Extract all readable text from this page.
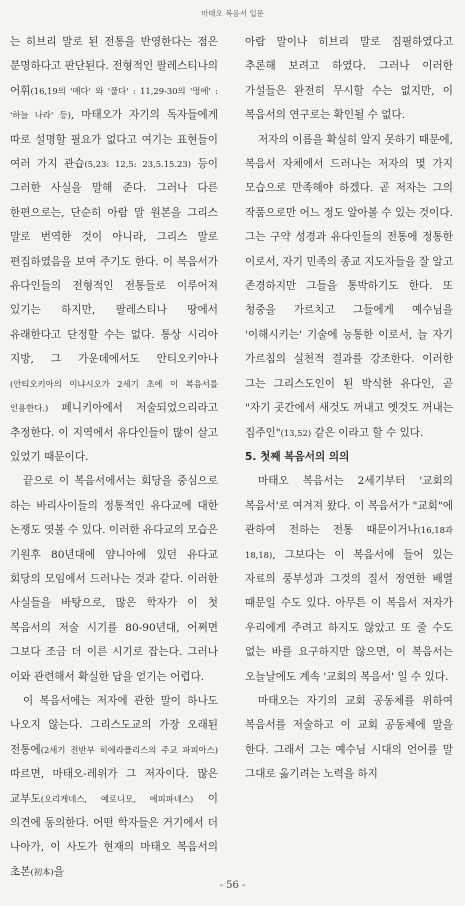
마태오 복음서 입문

는 히브리 말로 된 전통을 반영한다는 점은 분명하다고 판단된다. 전형적인 팔레스티나의 어휘(16,19의 '매다' 와 '풀다' : 11,29-30의 '멍에' : '하늘 나라' 등), 마태오가 자기의 독자들에게 따로 설명할 필요가 없다고 여기는 표현들이 여러 가지 관습(5,23: 12,5: 23,5.15.23) 등이 그러한 사실을 말해 준다. 그러나 다른 한편으로는, 단순히 아람 말 원본을 그리스 말로 번역한 것이 아니라, 그리스 말로 편집하였음을 보여 주기도 한다. 이 복음서가 유다인들의 전형적인 전통들로 이루어져 있기는 하지만, 팔레스티나 땅에서 유래한다고 단정할 수는 없다. 통상 시리아 지방, 그 가운데에서도 안티오키아나(안티오키아의 이냐시오가 2세기 초에 이 복음서를 인용한다.) 페니키아에서 저술되었으리라고 추정한다. 이 지역에서 유다인들이 많이 살고 있었기 때문이다.

끝으로 이 복음서에서는 회당을 중심으로 하는 바리사이들의 정통적인 유다교에 대한 논쟁도 엿볼 수 있다. 이러한 유다교의 모습은 기원후 80년대에 얌니아에 있던 유다교 회당의 모임에서 드러나는 것과 같다. 이러한 사실들을 바탕으로, 많은 학자가 이 첫 복음서의 저술 시기를 80-90년대, 어쩌면 그보다 조금 더 이른 시기로 잡는다. 그러나 이와 관련해서 확실한 답을 얻기는 어렵다.

이 복음서에는 저자에 관한 말이 하나도 나오지 않는다. 그리스도교의 가장 오래된 전통에(2세기 전반부 히에라폴리스의 주교 파피아스) 따르면, 마태오-레위가 그 저자이다. 많은 교부도(오리게네스, 예로니모, 에피파네스) 이 의견에 동의한다. 어떤 학자들은 거기에서 더 나아가, 이 사도가 현재의 마태오 복음서의 초본(初本)을

아람 말이나 히브리 말로 집필하였다고 추론해 보려고 하였다. 그러나 이러한 가설들은 완전히 무시할 수는 없지만, 이 복음서의 연구로는 확인될 수 없다.

저자의 이름을 확실히 알지 못하기 때문에, 복음서 자체에서 드러나는 저자의 몇 가지 모습으로 만족해야 하겠다. 곧 저자는 그의 작품으로만 어느 정도 알아볼 수 있는 것이다. 그는 구약 성경과 유다인들의 전통에 정통한 이로서, 자기 민족의 종교 지도자들을 잘 알고 존경하지만 그들을 통박하기도 한다. 또 청중을 가르치고 그들에게 예수님을 '이해시키는' 기술에 능통한 이로서, 늘 자기 가르침의 실천적 결과를 강조한다. 이러한 그는 그리스도인이 된 박식한 유다인, 곧 "자기 곳간에서 새것도 꺼내고 옛것도 꺼내는 집주인"(13,52) 같은 이라고 할 수 있다.

5. 첫째 복음서의 의의

마태오 복음서는 2세기부터 '교회의 복음서'로 여겨져 왔다. 이 복음서가 "교회"에 관하여 전하는 전통 때문이거나(16,18과 18,18), 그보다는 이 복음서에 들어 있는 자료의 풍부성과 그것의 질서 정연한 배열 때문일 수도 있다. 아무튼 이 복음서 저자가 우리에게 주려고 하지도 않았고 또 줄 수도 없는 바를 요구하지만 않으면, 이 복음서는 오늘날에도 계속 '교회의 복음서' 일 수 있다.

마태오는 자기의 교회 공동체를 위하여 복음서를 저술하고 이 교회 공동체에 말을 한다. 그래서 그는 예수님 시대의 언어를 말 그대로 옮기려는 노력을 하지

- 56 -
